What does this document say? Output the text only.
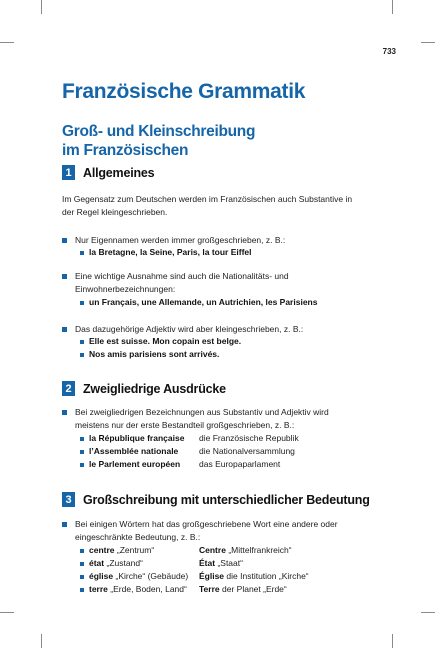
733
Französische Grammatik
Groß- und Kleinschreibung
im Französischen
1 Allgemeines
Im Gegensatz zum Deutschen werden im Französischen auch Substantive in
der Regel kleingeschrieben.
Nur Eigennamen werden immer großgeschrieben, z. B.:
la Bretagne, la Seine, Paris, la tour Eiffel
Eine wichtige Ausnahme sind auch die Nationalitäts- und
Einwohnerbezeichnungen:
un Français, une Allemande, un Autrichien, les Parisiens
Das dazugehörige Adjektiv wird aber kleingeschrieben, z. B.:
Elle est suisse. Mon copain est belge.
Nos amis parisiens sont arrivés.
2 Zweigliedrige Ausdrücke
Bei zweigliedrigen Bezeichnungen aus Substantiv und Adjektiv wird
meistens nur der erste Bestandteil großgeschrieben, z. B.:
la République française die Französische Republik
l’Assemblée nationale die Nationalversammlung
le Parlement européen das Europaparlament
3 Großschreibung mit unterschiedlicher Bedeutung
Bei einigen Wörtern hat das großgeschriebene Wort eine andere oder
eingeschränkte Bedeutung, z. B.:
centre „Zentrum“	Centre „Mittelfrankreich“
état „Zustand“	État „Staat“
église „Kirche“ (Gebäude) Église die Institution „Kirche“
terre „Erde, Boden, Land“ Terre der Planet „Erde“
